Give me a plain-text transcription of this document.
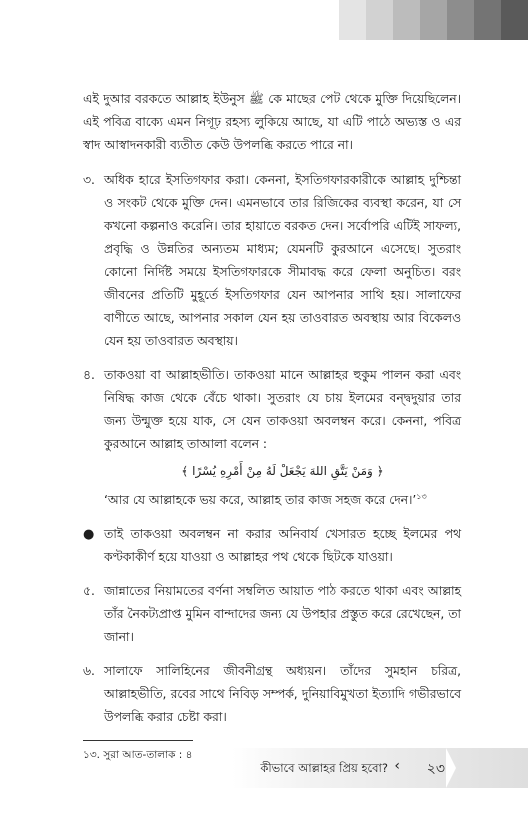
এই দুআর বরকতে আল্লাহ ইউনুস ﷺ কে মাছের পেট থেকে মুক্তি দিয়েছিলেন। এই পবিত্র বাক্যে এমন নিগূঢ় রহস্য লুকিয়ে আছে, যা এটি পাঠে অভ্যস্ত ও এর স্বাদ আস্বাদনকারী ব্যতীত কেউ উপলব্ধি করতে পারে না।

৩. অধিক হারে ইসতিগফার করা। কেননা, ইসতিগফারকারীকে আল্লাহ দুশ্চিন্তা ও সংকট থেকে মুক্তি দেন। এমনভাবে তার রিজিকের ব্যবস্থা করেন, যা সে কখনো কল্পনাও করেনি। তার হায়াতে বরকত দেন। সর্বোপরি এটিই সাফল্য, প্রবৃদ্ধি ও উন্নতির অন্যতম মাধ্যম; যেমনটি কুরআনে এসেছে। সুতরাং কোনো নির্দিষ্ট সময়ে ইসতিগফারকে সীমাবদ্ধ করে ফেলা অনুচিত। বরং জীবনের প্রতিটি মুহূর্তে ইসতিগফার যেন আপনার সাথি হয়। সালাফের বাণীতে আছে, আপনার সকাল যেন হয় তাওবারত অবস্থায় আর বিকেলও যেন হয় তাওবারত অবস্থায়।
৪. তাকওয়া বা আল্লাহভীতি। তাকওয়া মানে আল্লাহর হুকুম পালন করা এবং নিষিদ্ধ কাজ থেকে বেঁচে থাকা। সুতরাং যে চায় ইলমের বন্দ্বদুয়ার তার জন্য উন্মুক্ত হয়ে যাক, সে যেন তাকওয়া অবলম্বন করে। কেননা, পবিত্র কুরআনে আল্লাহ তাআলা বলেন :
﴿ وَمَنْ يَتَّقِ اللهَ يَجْعَلْ لَهُ مِنْ أَمْرِهِ يُسْرًا ﴾
‘আর যে আল্লাহকে ভয় করে, আল্লাহ তার কাজ সহজ করে দেন।’$^{১৩}$
● তাই তাকওয়া অবলম্বন না করার অনিবার্য খেসারত হচ্ছে ইলমের পথ কণ্টকাকীর্ণ হয়ে যাওয়া ও আল্লাহর পথ থেকে ছিটকে যাওয়া।
৫. জান্নাতের নিয়ামতের বর্ণনা সম্বলিত আয়াত পাঠ করতে থাকা এবং আল্লাহ তাঁর নৈকট্যপ্রাপ্ত মুমিন বান্দাদের জন্য যে উপহার প্রস্তুত করে রেখেছেন, তা জানা।
৬. সালাফে সালিহিনের জীবনীগ্রন্থ অধ্যয়ন। তাঁদের সুমহান চরিত্র, আল্লাহভীতি, রবের সাথে নিবিড় সম্পর্ক, দুনিয়াবিমুখতা ইত্যাদি গভীরভাবে উপলব্ধি করার চেষ্টা করা।
১৩. সুরা আত-তালাক : ৪
কীভাবে আল্লাহর প্রিয় হবো? ‹ ২৩
